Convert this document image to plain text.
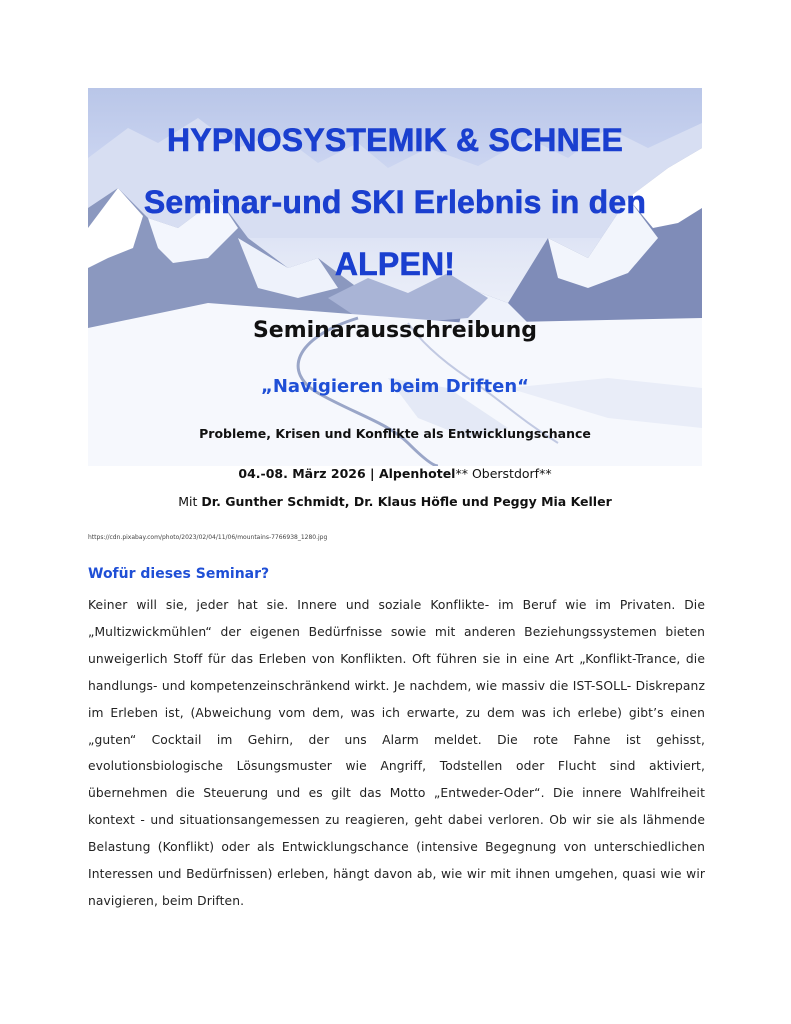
HYPNOSYSTEMIK & SCHNEE
Seminar-und SKI Erlebnis in den
ALPEN!
Seminarausschreibung
„Navigieren beim Driften“
Probleme, Krisen und Konflikte als Entwicklungschance
04.-08. März 2026 | Alpenhotel** Oberstdorf**
Mit Dr. Gunther Schmidt, Dr. Klaus Höfle und Peggy Mia Keller
https://cdn.pixabay.com/photo/2023/02/04/11/06/mountains-7766938_1280.jpg
Wofür dieses Seminar?
Keiner will sie, jeder hat sie. Innere und soziale Konflikte- im Beruf wie im Privaten. Die „Multizwickmühlen“ der eigenen Bedürfnisse sowie mit anderen Beziehungssystemen bieten unweigerlich Stoff für das Erleben von Konflikten. Oft führen sie in eine Art „Konflikt-Trance, die handlungs- und kompetenzeinschränkend wirkt. Je nachdem, wie massiv die IST-SOLL- Diskrepanz im Erleben ist, (Abweichung vom dem, was ich erwarte, zu dem was ich erlebe) gibt’s einen „guten“ Cocktail im Gehirn, der uns Alarm meldet. Die rote Fahne ist gehisst, evolutionsbiologische Lösungsmuster wie Angriff, Todstellen oder Flucht sind aktiviert, übernehmen die Steuerung und es gilt das Motto „Entweder-Oder“. Die innere Wahlfreiheit kontext - und situationsangemessen zu reagieren, geht dabei verloren. Ob wir sie als lähmende Belastung (Konflikt) oder als Entwicklungschance (intensive Begegnung von unterschiedlichen Interessen und Bedürfnissen) erleben, hängt davon ab, wie wir mit ihnen umgehen, quasi wie wir navigieren, beim Driften.
